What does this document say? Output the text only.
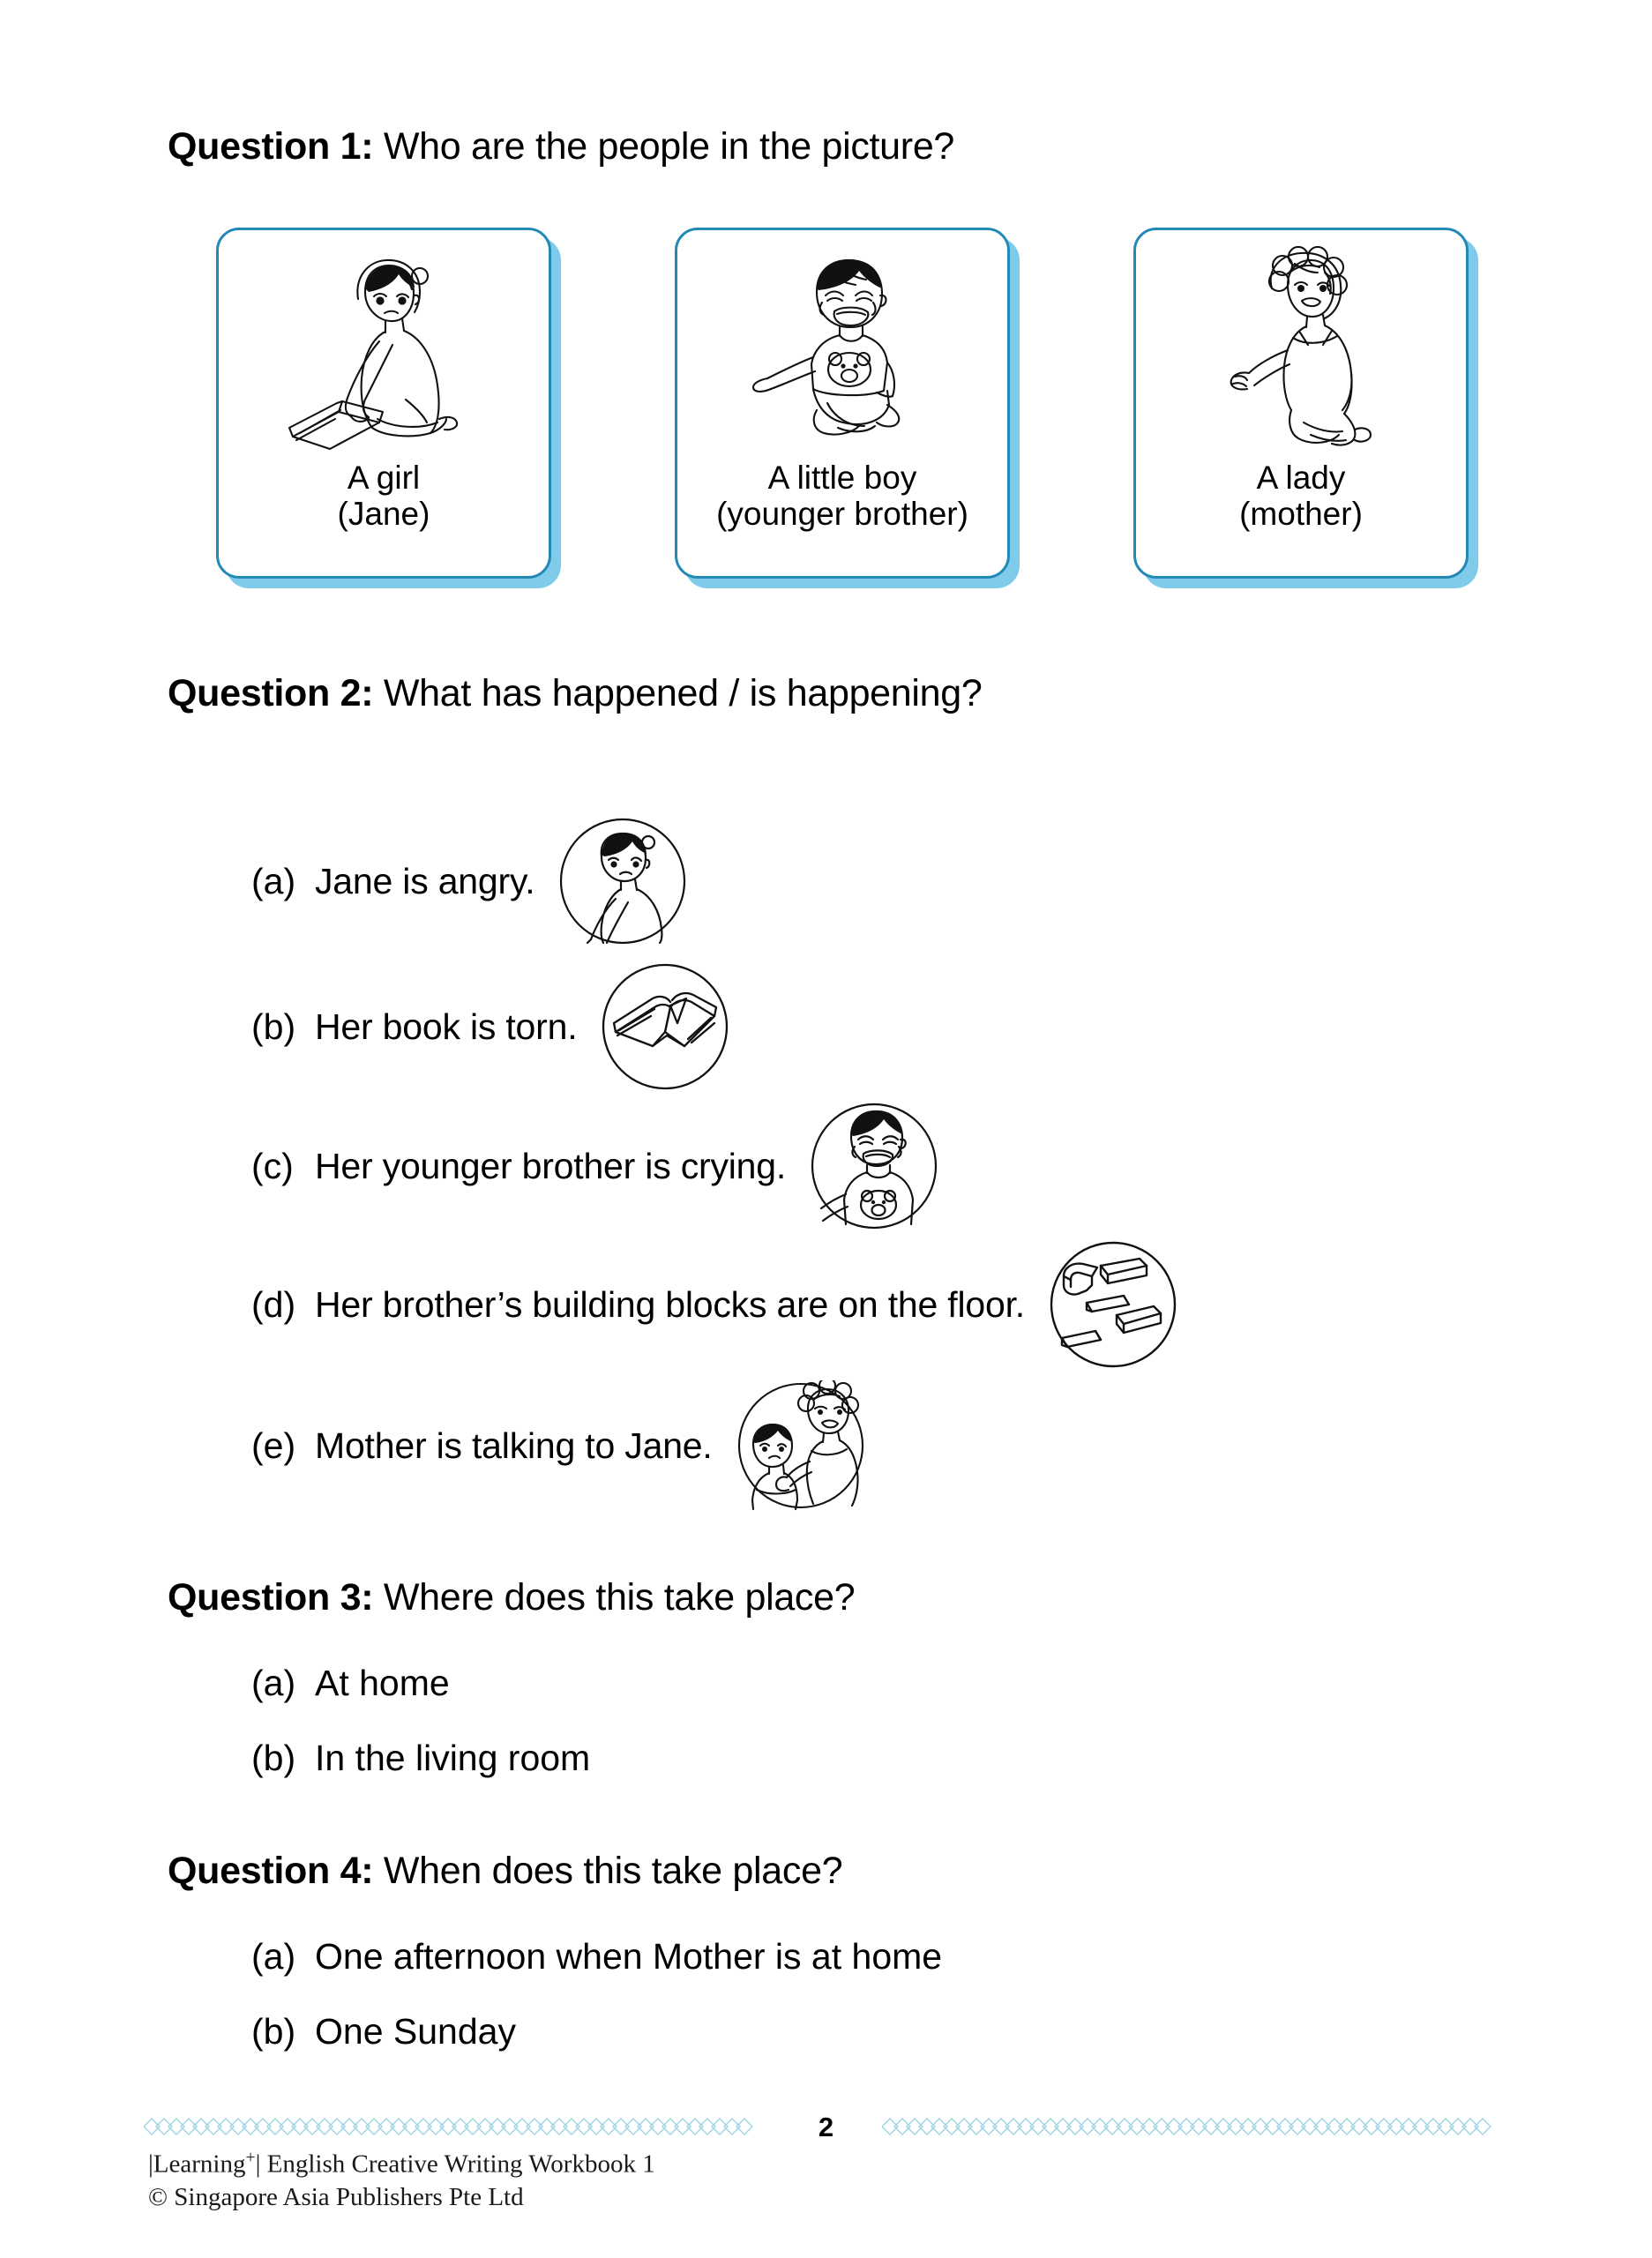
Question 1: Who are the people in the picture?
A girl
(Jane)
A little boy
(younger brother)
A lady
(mother)
Question 2: What has happened / is happening?
(a) Jane is angry.
(b) Her book is torn.
(c) Her younger brother is crying.
(d) Her brother’s building blocks are on the floor.
(e) Mother is talking to Jane.
Question 3: Where does this take place?
(a) At home
(b) In the living room
Question 4: When does this take place?
(a) One afternoon when Mother is at home
(b) One Sunday
2
|Learning+| English Creative Writing Workbook 1
© Singapore Asia Publishers Pte Ltd
